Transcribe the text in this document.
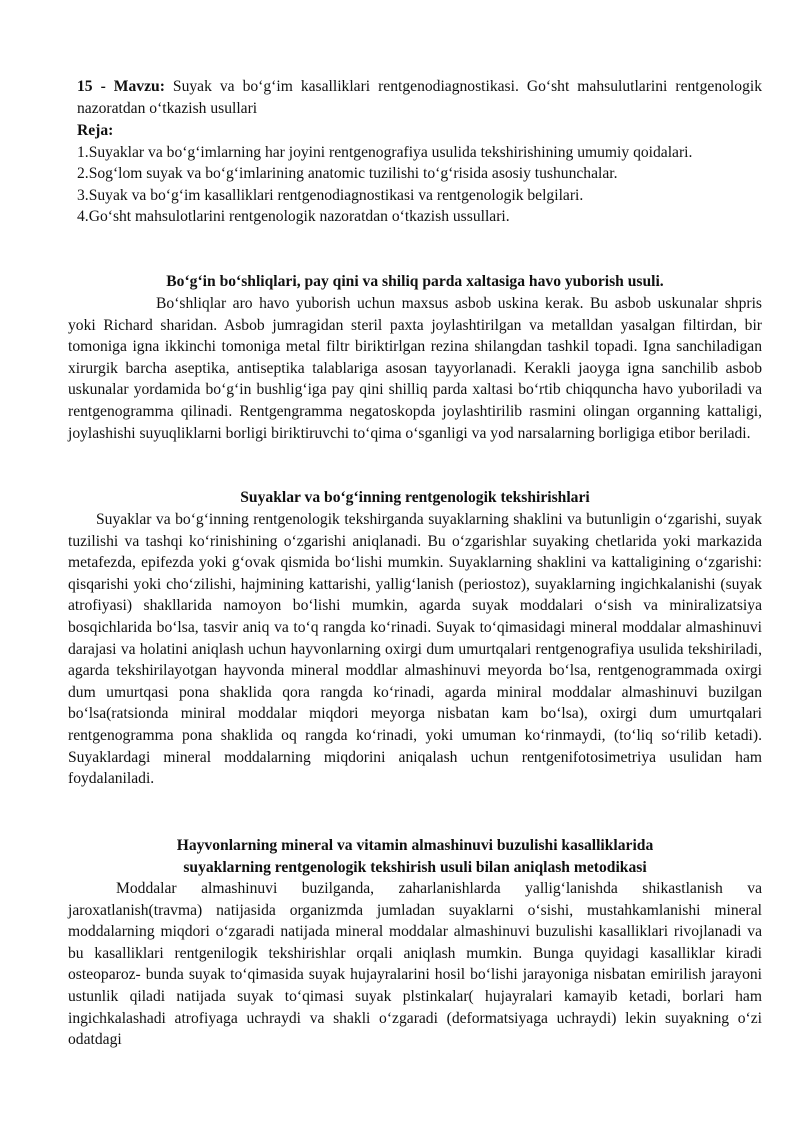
15 - Mavzu: Suyak va bo‘g‘im kasalliklari rentgenodiagnostikasi. Go‘sht mahsulutlarini rentgenologik nazoratdan o‘tkazish usullari

Reja:
1.Suyaklar va bo‘g‘imlarning har joyini rentgenografiya usulida tekshirishining umumiy qoidalari.
2.Sog‘lom suyak va bo‘g‘imlarining anatomic tuzilishi to‘g‘risida asosiy tushunchalar.
3.Suyak va bo‘g‘im kasalliklari rentgenodiagnostikasi va rentgenologik belgilari.
4.Go‘sht mahsulotlarini rentgenologik nazoratdan o‘tkazish ussullari.

Bo‘g‘in bo‘shliqlari, pay qini va shiliq parda xaltasiga havo yuborish usuli.

Bo‘shliqlar aro havo yuborish uchun maxsus asbob uskina kerak. Bu asbob uskunalar shpris yoki Richard sharidan. Asbob jumragidan steril paxta joylashtirilgan va metalldan yasalgan filtirdan, bir tomoniga igna ikkinchi tomoniga metal filtr biriktirlgan rezina shilangdan tashkil topadi. Igna sanchiladigan xirurgik barcha aseptika, antiseptika talablariga asosan tayyorlanadi. Kerakli jaoyga igna sanchilib asbob uskunalar yordamida bo‘g‘in bushlig‘iga pay qini shilliq parda xaltasi bo‘rtib chiqquncha havo yuboriladi va rentgenogramma qilinadi. Rentgengramma negatoskopda joylashtirilib rasmini olingan organning kattaligi, joylashishi suyuqliklarni borligi biriktiruvchi to‘qima o‘sganligi va yod narsalarning borligiga etibor beriladi.

Suyaklar va bo‘g‘inning rentgenologik tekshirishlari

Suyaklar va bo‘g‘inning rentgenologik tekshirganda suyaklarning shaklini va butunligin o‘zgarishi, suyak tuzilishi va tashqi ko‘rinishining o‘zgarishi aniqlanadi. Bu o‘zgarishlar suyaking chetlarida yoki markazida metafezda, epifezda yoki g‘ovak qismida bo‘lishi mumkin. Suyaklarning shaklini va kattaligining o‘zgarishi: qisqarishi yoki cho‘zilishi, hajmining kattarishi, yallig‘lanish (periostoz), suyaklarning ingichkalanishi (suyak atrofiyasi) shakllarida namoyon bo‘lishi mumkin, agarda suyak moddalari o‘sish va miniralizatsiya bosqichlarida bo‘lsa, tasvir aniq va to‘q rangda ko‘rinadi. Suyak to‘qimasidagi mineral moddalar almashinuvi darajasi va holatini aniqlash uchun hayvonlarning oxirgi dum umurtqalari rentgenografiya usulida tekshiriladi, agarda tekshirilayotgan hayvonda mineral moddlar almashinuvi meyorda bo‘lsa, rentgenogrammada oxirgi dum umurtqasi pona shaklida qora rangda ko‘rinadi, agarda miniral moddalar almashinuvi buzilgan bo‘lsa(ratsionda miniral moddalar miqdori meyorga nisbatan kam bo‘lsa), oxirgi dum umurtqalari rentgenogramma pona shaklida oq rangda ko‘rinadi, yoki umuman ko‘rinmaydi, (to‘liq so‘rilib ketadi). Suyaklardagi mineral moddalarning miqdorini aniqalash uchun rentgenifotosimetriya usulidan ham foydalaniladi.

Hayvonlarning mineral va vitamin almashinuvi buzulishi kasalliklarida
suyaklarning rentgenologik tekshirish usuli bilan aniqlash metodikasi

Moddalar almashinuvi buzilganda, zaharlanishlarda yallig‘lanishda shikastlanish va jaroxatlanish(travma) natijasida organizmda jumladan suyaklarni o‘sishi, mustahkamlanishi mineral moddalarning miqdori o‘zgaradi natijada mineral moddalar almashinuvi buzulishi kasalliklari rivojlanadi va bu kasalliklari rentgenilogik tekshirishlar orqali aniqlash mumkin. Bunga quyidagi kasalliklar kiradi osteoparoz- bunda suyak to‘qimasida suyak hujayralarini hosil bo‘lishi jarayoniga nisbatan emirilish jarayoni ustunlik qiladi natijada suyak to‘qimasi suyak plstinkalar( hujayralari kamayib ketadi, borlari ham ingichkalashadi atrofiyaga uchraydi va shakli o‘zgaradi (deformatsiyaga uchraydi) lekin suyakning o‘zi odatdagi
